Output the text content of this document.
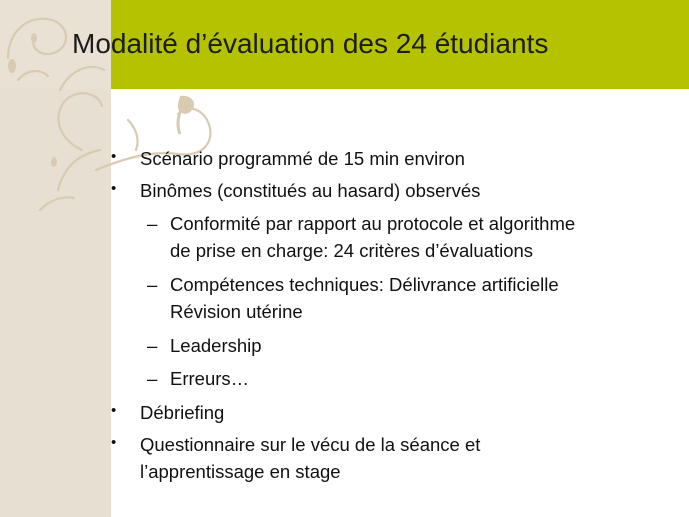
Modalité d’évaluation des 24 étudiants
• Scénario programmé de 15 min environ
• Binômes (constitués au hasard) observés
– Conformité par rapport au protocole et algorithme
de prise en charge: 24 critères d’évaluations
– Compétences techniques: Délivrance artificielle
Révision utérine
– Leadership
– Erreurs…
• Débriefing
• Questionnaire sur le vécu de la séance et
l’apprentissage en stage
